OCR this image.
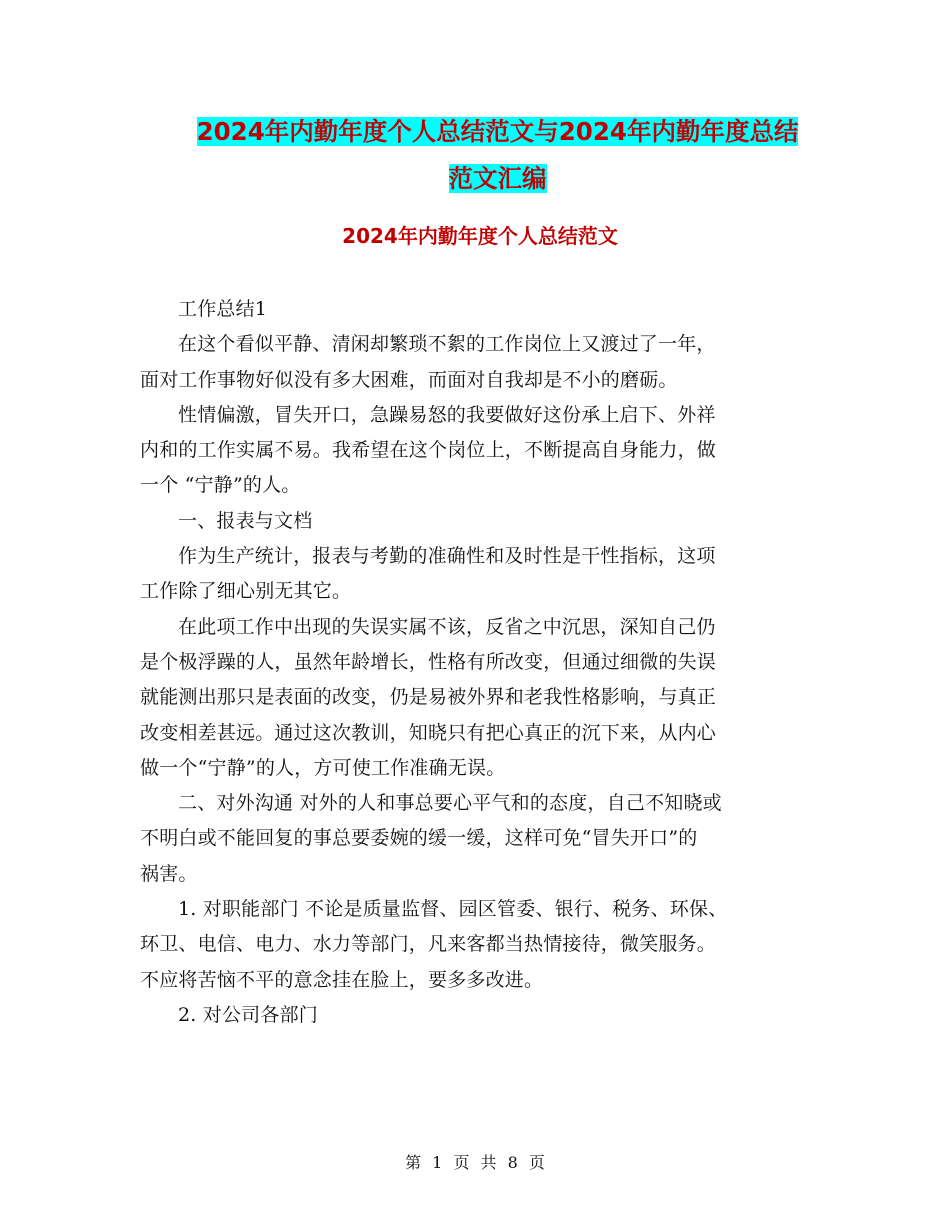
2024年内勤年度个人总结范文与2024年内勤年度总结
范文汇编
2024年内勤年度个人总结范文

工作总结1

在这个看似平静、清闲却繁琐不絮的工作岗位上又渡过了一年，

面对工作事物好似没有多大困难，而面对自我却是不小的磨砺。

性情偏激，冒失开口，急躁易怒的我要做好这份承上启下、外祥

内和的工作实属不易。我希望在这个岗位上，不断提高自身能力，做

一个 “宁静”的人。

一、报表与文档

作为生产统计，报表与考勤的准确性和及时性是干性指标，这项

工作除了细心别无其它。

在此项工作中出现的失误实属不该，反省之中沉思，深知自己仍

是个极浮躁的人，虽然年龄增长，性格有所改变，但通过细微的失误

就能测出那只是表面的改变，仍是易被外界和老我性格影响，与真正

改变相差甚远。通过这次教训，知晓只有把心真正的沉下来，从内心

做一个“宁静”的人，方可使工作准确无误。

二、对外沟通 对外的人和事总要心平气和的态度，自己不知晓或

不明白或不能回复的事总要委婉的缓一缓，这样可免“冒失开口”的

祸害。

1. 对职能部门 不论是质量监督、园区管委、银行、税务、环保、

环卫、电信、电力、水力等部门，凡来客都当热情接待，微笑服务。

不应将苦恼不平的意念挂在脸上，要多多改进。

2. 对公司各部门

第 1 页 共 8 页
